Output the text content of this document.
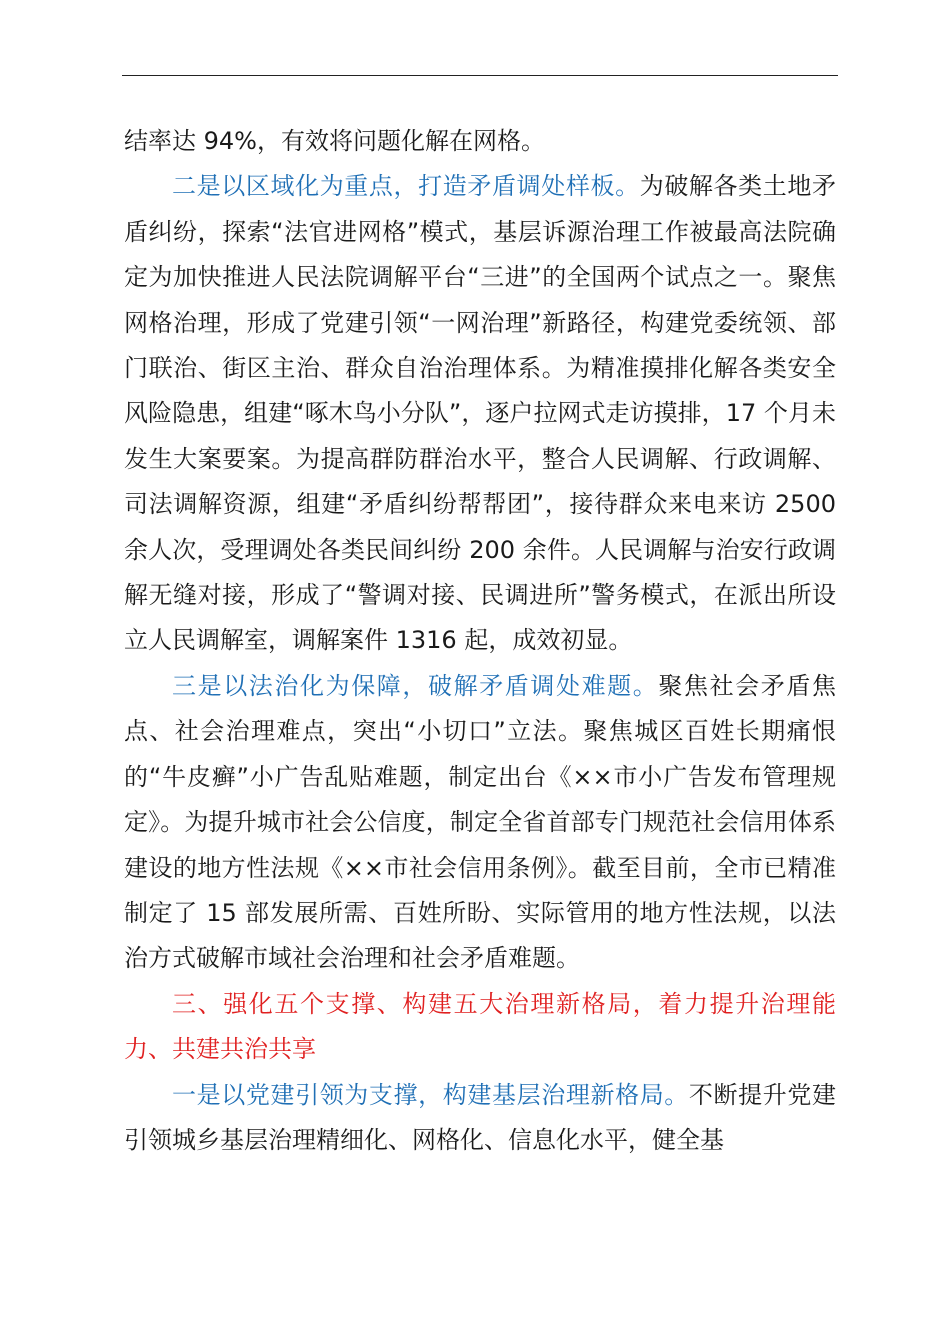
结率达 94%，有效将问题化解在网格。

二是以区域化为重点，打造矛盾调处样板。为破解各类土地矛盾纠纷，探索“法官进网格”模式，基层诉源治理工作被最高法院确定为加快推进人民法院调解平台“三进”的全国两个试点之一。聚焦网格治理，形成了党建引领“一网治理”新路径，构建党委统领、部门联治、街区主治、群众自治治理体系。为精准摸排化解各类安全风险隐患，组建“啄木鸟小分队”，逐户拉网式走访摸排，17 个月未发生大案要案。为提高群防群治水平，整合人民调解、行政调解、司法调解资源，组建“矛盾纠纷帮帮团”，接待群众来电来访 2500 余人次，受理调处各类民间纠纷 200 余件。人民调解与治安行政调解无缝对接，形成了“警调对接、民调进所”警务模式，在派出所设立人民调解室，调解案件 1316 起，成效初显。

三是以法治化为保障，破解矛盾调处难题。聚焦社会矛盾焦点、社会治理难点，突出“小切口”立法。聚焦城区百姓长期痛恨的“牛皮癣”小广告乱贴难题，制定出台《××市小广告发布管理规定》。为提升城市社会公信度，制定全省首部专门规范社会信用体系建设的地方性法规《××市社会信用条例》。截至目前，全市已精准制定了 15 部发展所需、百姓所盼、实际管用的地方性法规，以法治方式破解市域社会治理和社会矛盾难题。

三、强化五个支撑、构建五大治理新格局，着力提升治理能力、共建共治共享

一是以党建引领为支撑，构建基层治理新格局。不断提升党建引领城乡基层治理精细化、网格化、信息化水平，健全基
